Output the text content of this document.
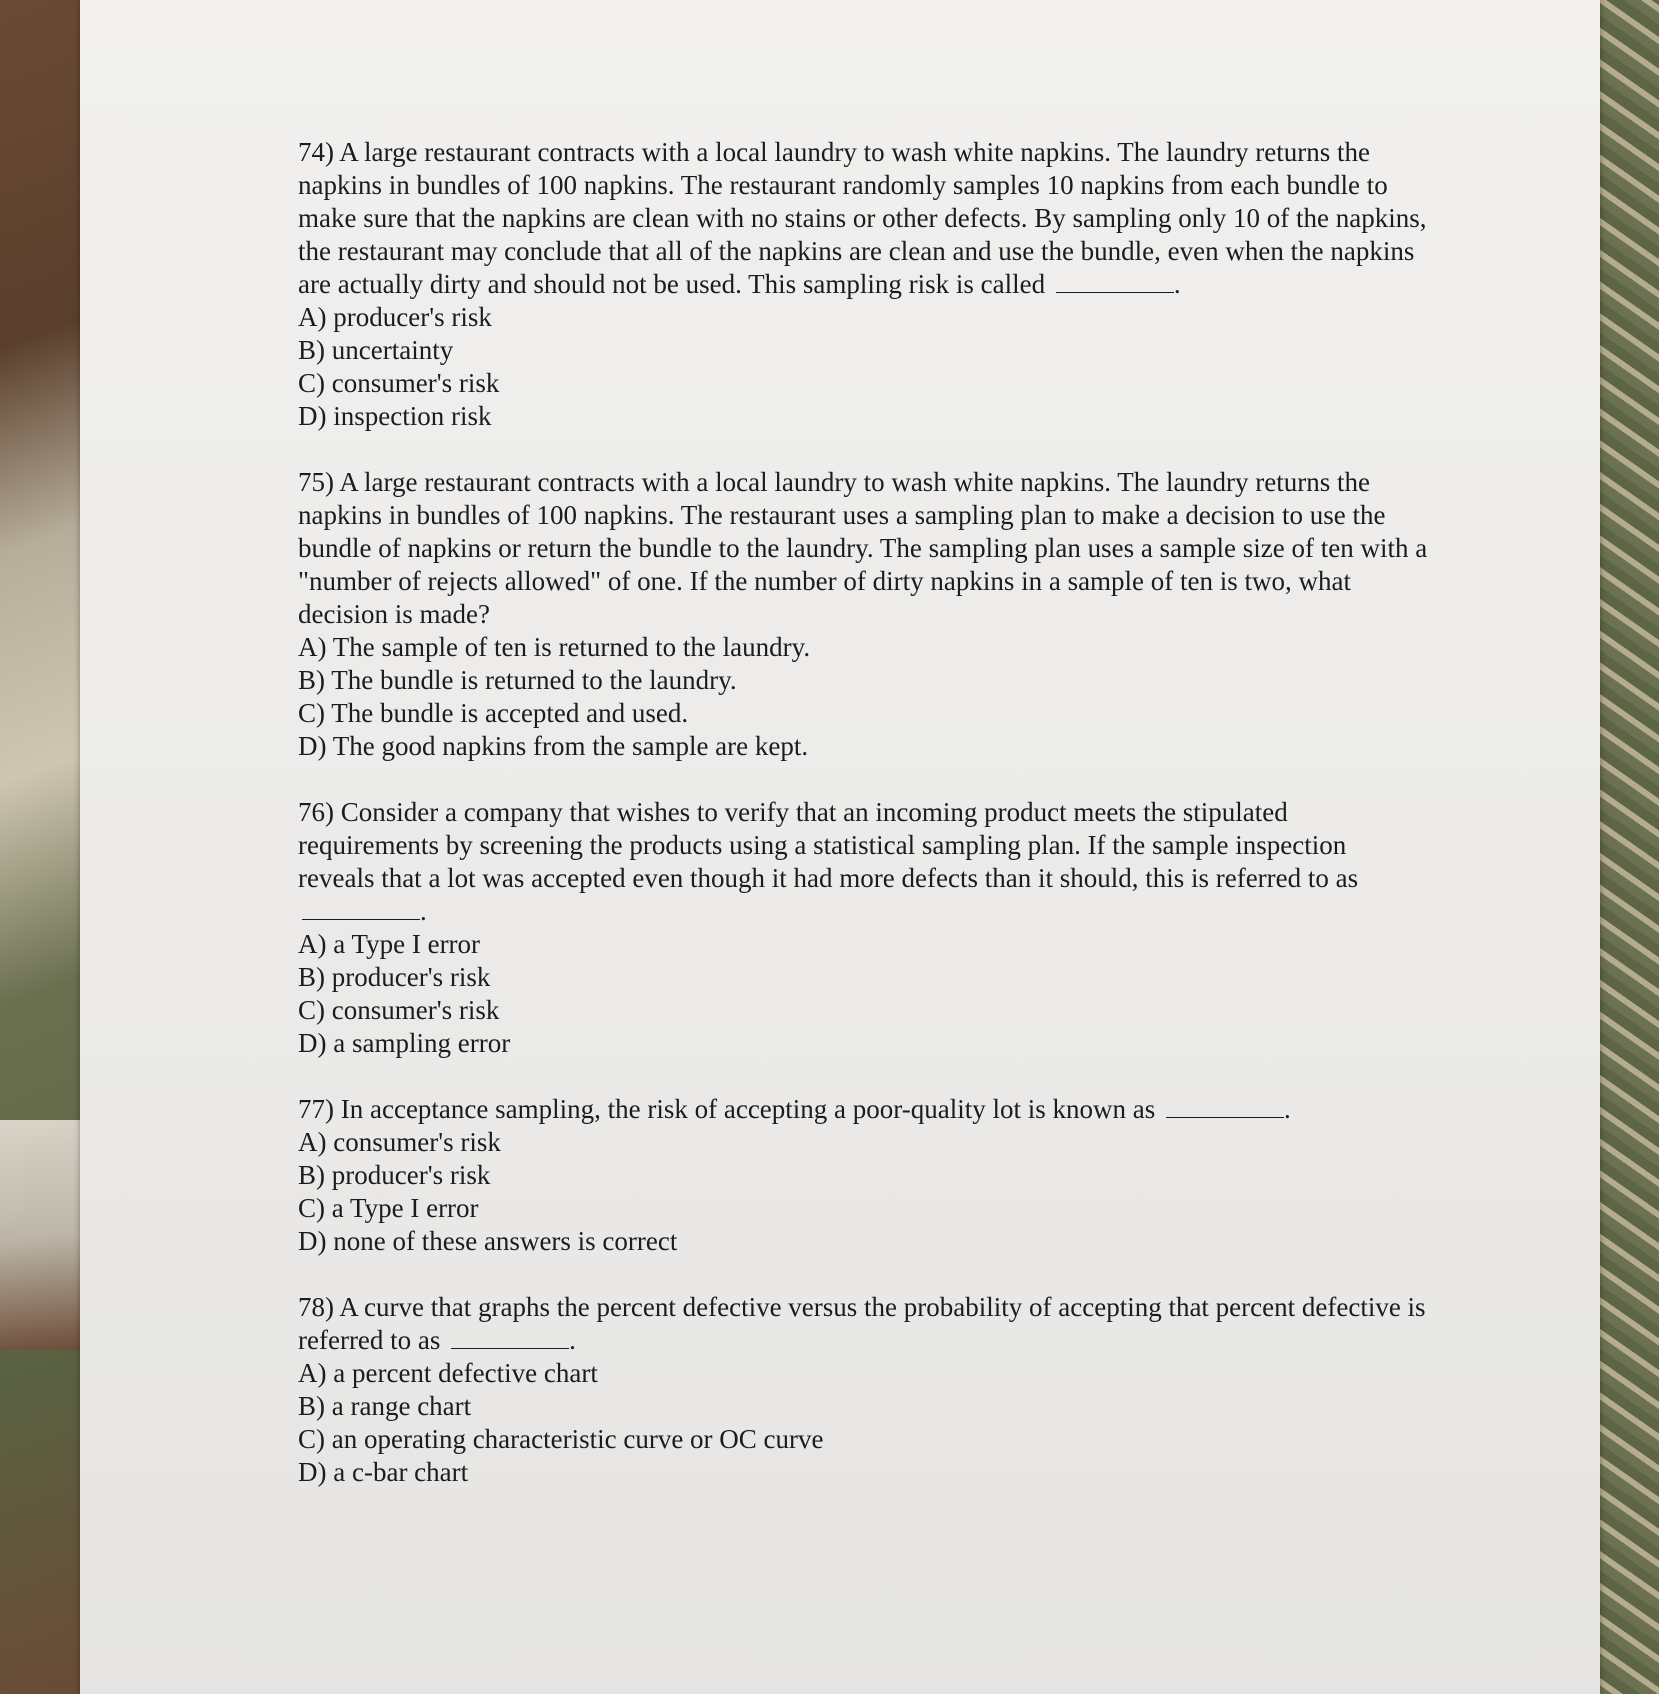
74) A large restaurant contracts with a local laundry to wash white napkins. The laundry returns the napkins in bundles of 100 napkins. The restaurant randomly samples 10 napkins from each bundle to make sure that the napkins are clean with no stains or other defects. By sampling only 10 of the napkins, the restaurant may conclude that all of the napkins are clean and use the bundle, even when the napkins are actually dirty and should not be used. This sampling risk is called	.

A) producer's risk
B) uncertainty
C) consumer's risk
D) inspection risk

75) A large restaurant contracts with a local laundry to wash white napkins. The laundry returns the napkins in bundles of 100 napkins. The restaurant uses a sampling plan to make a decision to use the bundle of napkins or return the bundle to the laundry. The sampling plan uses a sample size of ten with a "number of rejects allowed" of one. If the number of dirty napkins in a sample of ten is two, what decision is made?

A) The sample of ten is returned to the laundry.
B) The bundle is returned to the laundry.
C) The bundle is accepted and used.
D) The good napkins from the sample are kept.

76) Consider a company that wishes to verify that an incoming product meets the stipulated requirements by screening the products using a statistical sampling plan. If the sample inspection reveals that a lot was accepted even though it had more defects than it should, this is referred to as .

A) a Type I error
B) producer's risk
C) consumer's risk
D) a sampling error

77) In acceptance sampling, the risk of accepting a poor-quality lot is known as	.

A) consumer's risk
B) producer's risk
C) a Type I error
D) none of these answers is correct

78) A curve that graphs the percent defective versus the probability of accepting that percent defective is referred to as	.

A) a percent defective chart
B) a range chart
C) an operating characteristic curve or OC curve
D) a c-bar chart
